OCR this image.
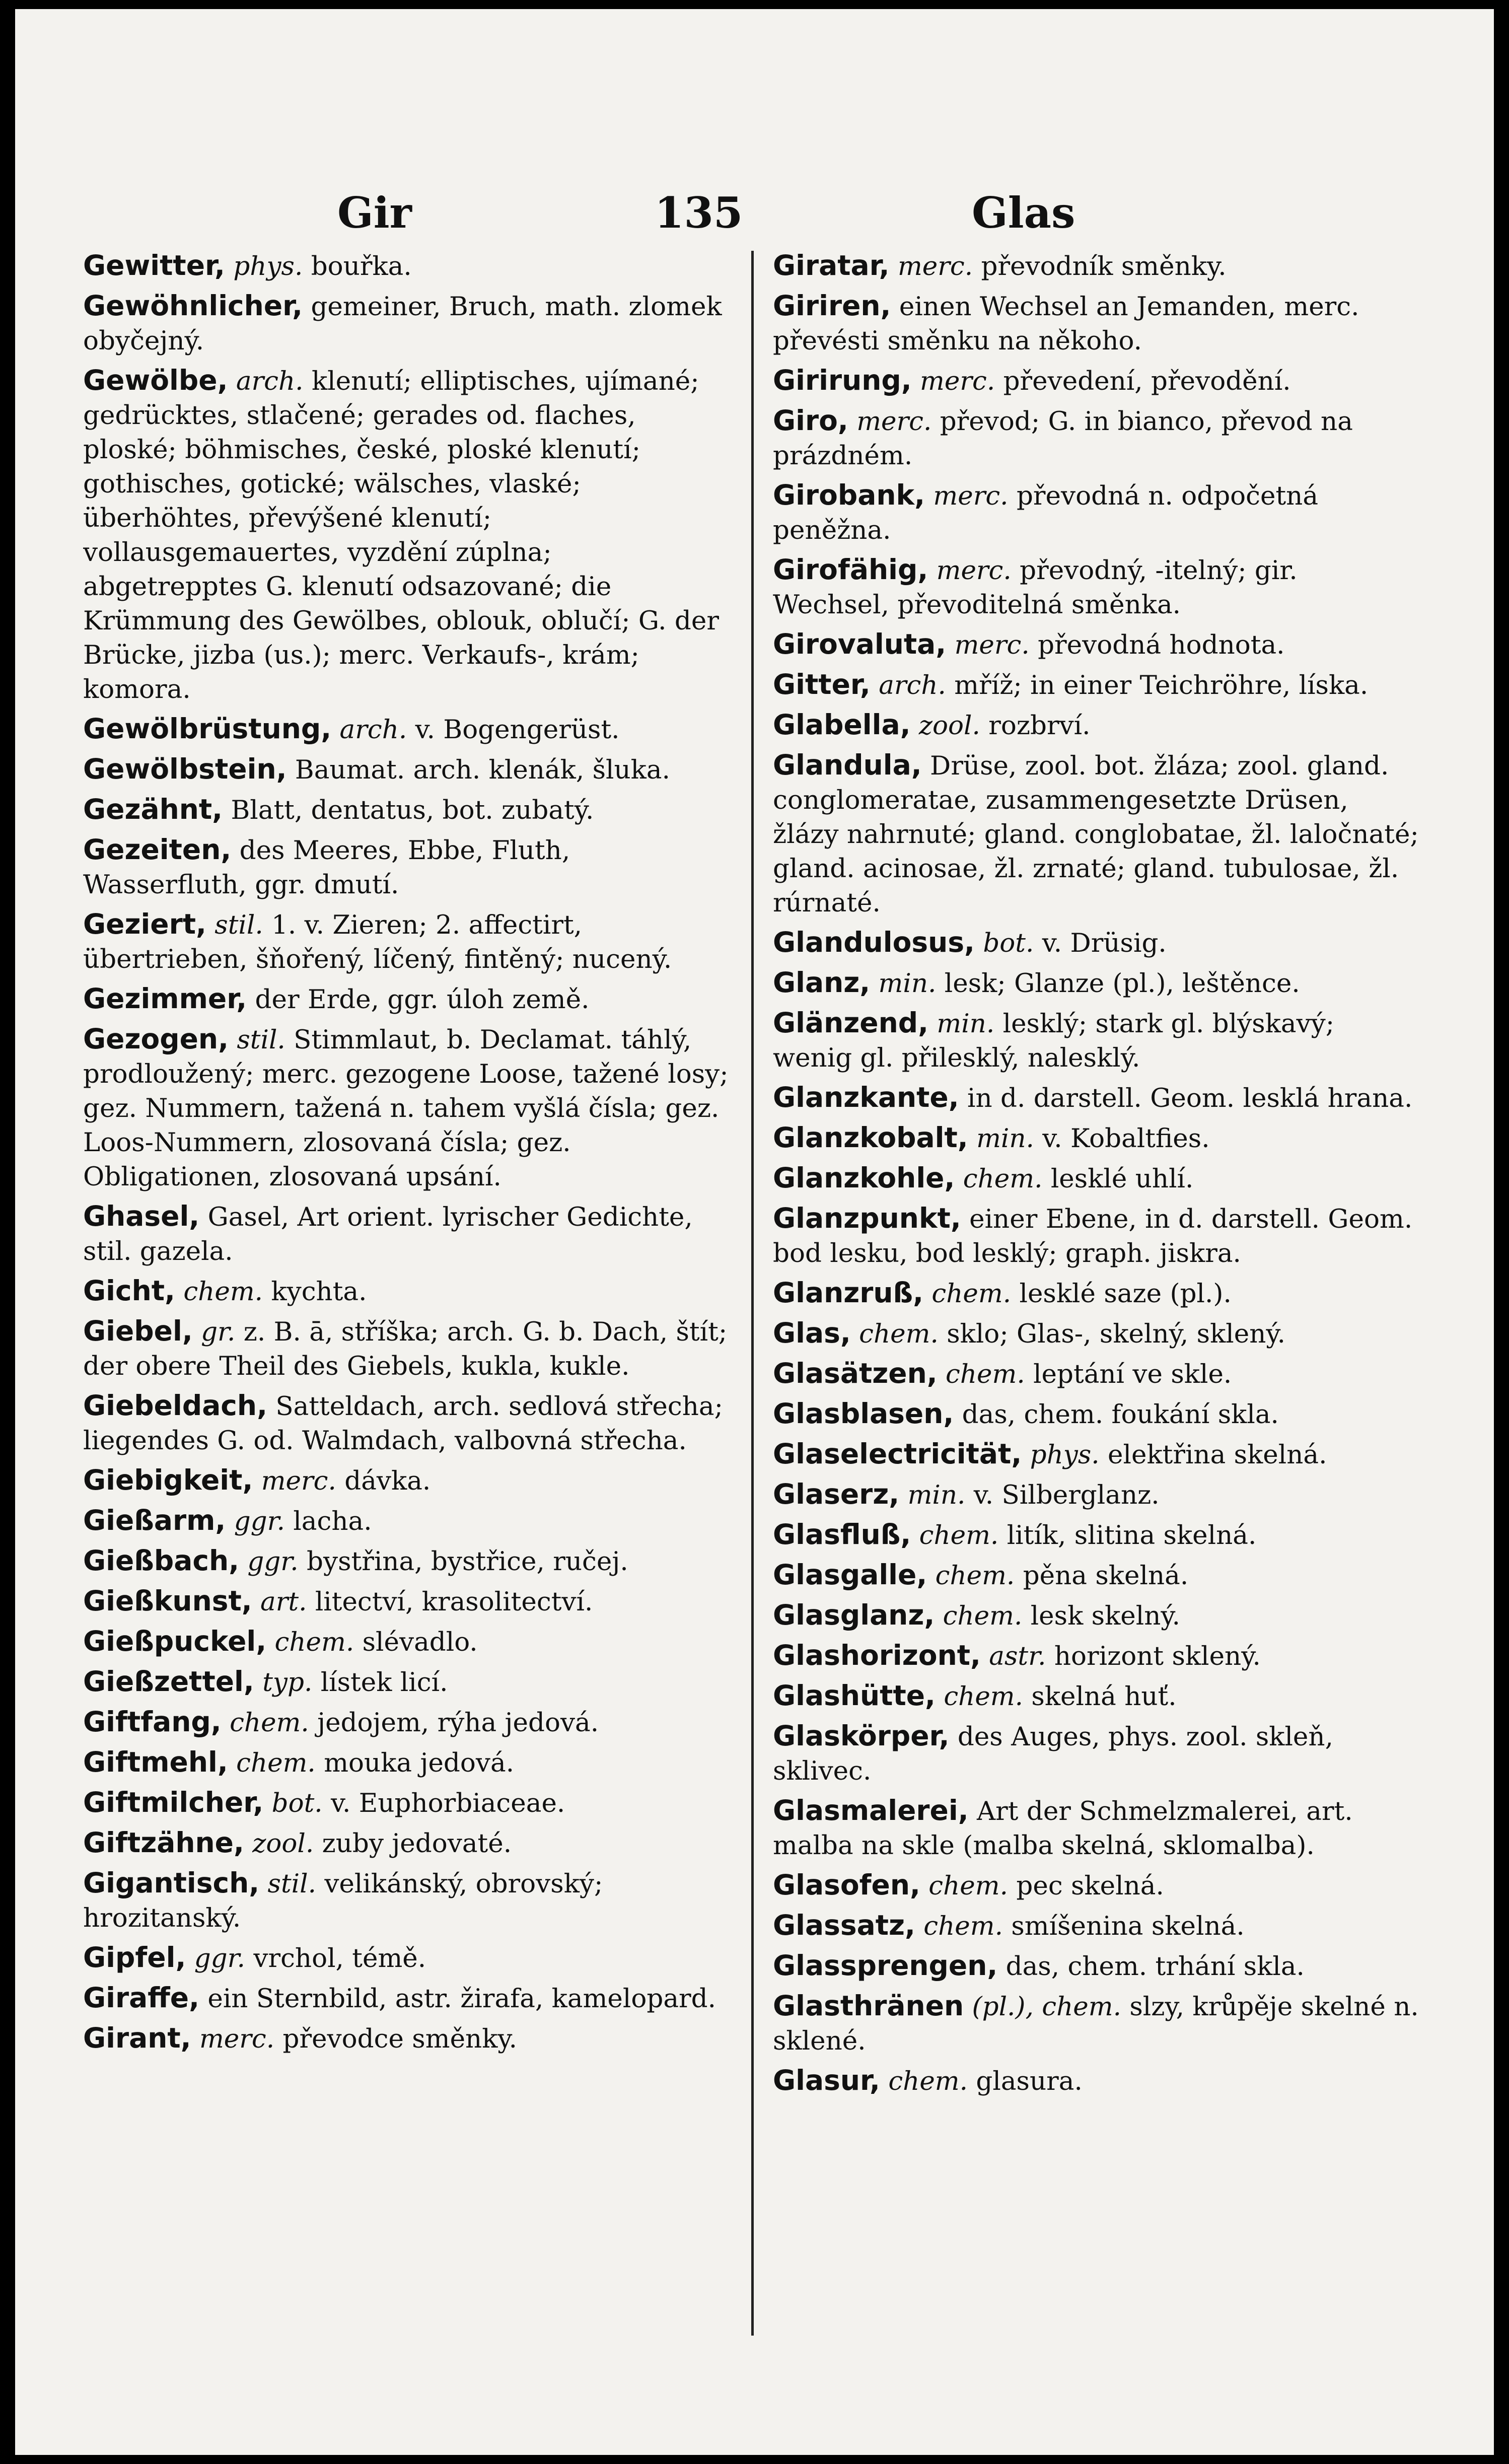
Gir	135	Glas
Gewitter, phys. bouřka.
Gewöhnlicher, gemeiner, Bruch, math. zlomek obyčejný.
Gewölbe, arch. klenutí; elliptisches, ujímané; gedrücktes, stlačené; gerades od. flaches, ploské; böhmisches, české, ploské klenutí; gothisches, gotické; wälsches, vlaské; überhöhtes, převýšené klenutí; vollausgemauertes, vyzdění zúplna; abgetrepptes G. klenutí odsazované; die Krümmung des Gewölbes, oblouk, oblučí; G. der Brücke, jizba (us.); merc. Verkaufs-, krám; komora.
Gewölbrüstung, arch. v. Bogengerüst.
Gewölbstein, Baumat. arch. klenák, šluka.
Gezähnt, Blatt, dentatus, bot. zubatý.
Gezeiten, des Meeres, Ebbe, Fluth, Wasserfluth, ggr. dmutí.
Geziert, stil. 1. v. Zieren; 2. affectirt, übertrieben, šňořený, líčený, fintěný; nucený.
Gezimmer, der Erde, ggr. úloh země.
Gezogen, stil. Stimmlaut, b. Declamat. táhlý, prodloužený; merc. gezogene Loose, tažené losy; gez. Nummern, tažená n. tahem vyšlá čísla; gez. Loos-Nummern, zlosovaná čísla; gez. Obligationen, zlosovaná upsání.
Ghasel, Gasel, Art orient. lyrischer Gedichte, stil. gazela.
Gicht, chem. kychta.
Giebel, gr. z. B. ā, stříška; arch. G. b. Dach, štít; der obere Theil des Giebels, kukla, kukle.
Giebeldach, Satteldach, arch. sedlová střecha; liegendes G. od. Walmdach, valbovná střecha.
Giebigkeit, merc. dávka.
Gießarm, ggr. lacha.
Gießbach, ggr. bystřina, bystřice, ručej.
Gießkunst, art. litectví, krasolitectví.
Gießpuckel, chem. slévadlo.
Gießzettel, typ. lístek licí.
Giftfang, chem. jedojem, rýha jedová.
Giftmehl, chem. mouka jedová.
Giftmilcher, bot. v. Euphorbiaceae.
Giftzähne, zool. zuby jedovaté.
Gigantisch, stil. velikánský, obrovský; hrozitanský.
Gipfel, ggr. vrchol, témě.
Giraffe, ein Sternbild, astr. žirafa, kamelopard.
Girant, merc. převodce směnky.
Giratar, merc. převodník směnky.
Giriren, einen Wechsel an Jemanden, merc. převésti směnku na někoho.
Girirung, merc. převedení, převodění.
Giro, merc. převod; G. in bianco, převod na prázdném.
Girobank, merc. převodná n. odpočetná peněžna.
Girofähig, merc. převodný, -itelný; gir. Wechsel, převoditelná směnka.
Girovaluta, merc. převodná hodnota.
Gitter, arch. mříž; in einer Teichröhre, líska.
Glabella, zool. rozbrví.
Glandula, Drüse, zool. bot. žláza; zool. gland. conglomeratae, zusammengesetzte Drüsen, žlázy nahrnuté; gland. conglobatae, žl. laločnaté; gland. acinosae, žl. zrnaté; gland. tubulosae, žl. rúrnaté.
Glandulosus, bot. v. Drüsig.
Glanz, min. lesk; Glanze (pl.), leštěnce.
Glänzend, min. lesklý; stark gl. blýskavý; wenig gl. přilesklý, nalesklý.
Glanzkante, in d. darstell. Geom. lesklá hrana.
Glanzkobalt, min. v. Kobaltfies.
Glanzkohle, chem. lesklé uhlí.
Glanzpunkt, einer Ebene, in d. darstell. Geom. bod lesku, bod lesklý; graph. jiskra.
Glanzruß, chem. lesklé saze (pl.).
Glas, chem. sklo; Glas-, skelný, sklený.
Glasätzen, chem. leptání ve skle.
Glasblasen, das, chem. foukání skla.
Glaselectricität, phys. elektřina skelná.
Glaserz, min. v. Silberglanz.
Glasfluß, chem. litík, slitina skelná.
Glasgalle, chem. pěna skelná.
Glasglanz, chem. lesk skelný.
Glashorizont, astr. horizont sklený.
Glashütte, chem. skelná huť.
Glaskörper, des Auges, phys. zool. skleň, sklivec.
Glasmalerei, Art der Schmelzmalerei, art. malba na skle (malba skelná, sklomalba).
Glasofen, chem. pec skelná.
Glassatz, chem. smíšenina skelná.
Glassprengen, das, chem. trhání skla.
Glasthränen (pl.), chem. slzy, krůpěje skelné n. sklené.
Glasur, chem. glasura.
